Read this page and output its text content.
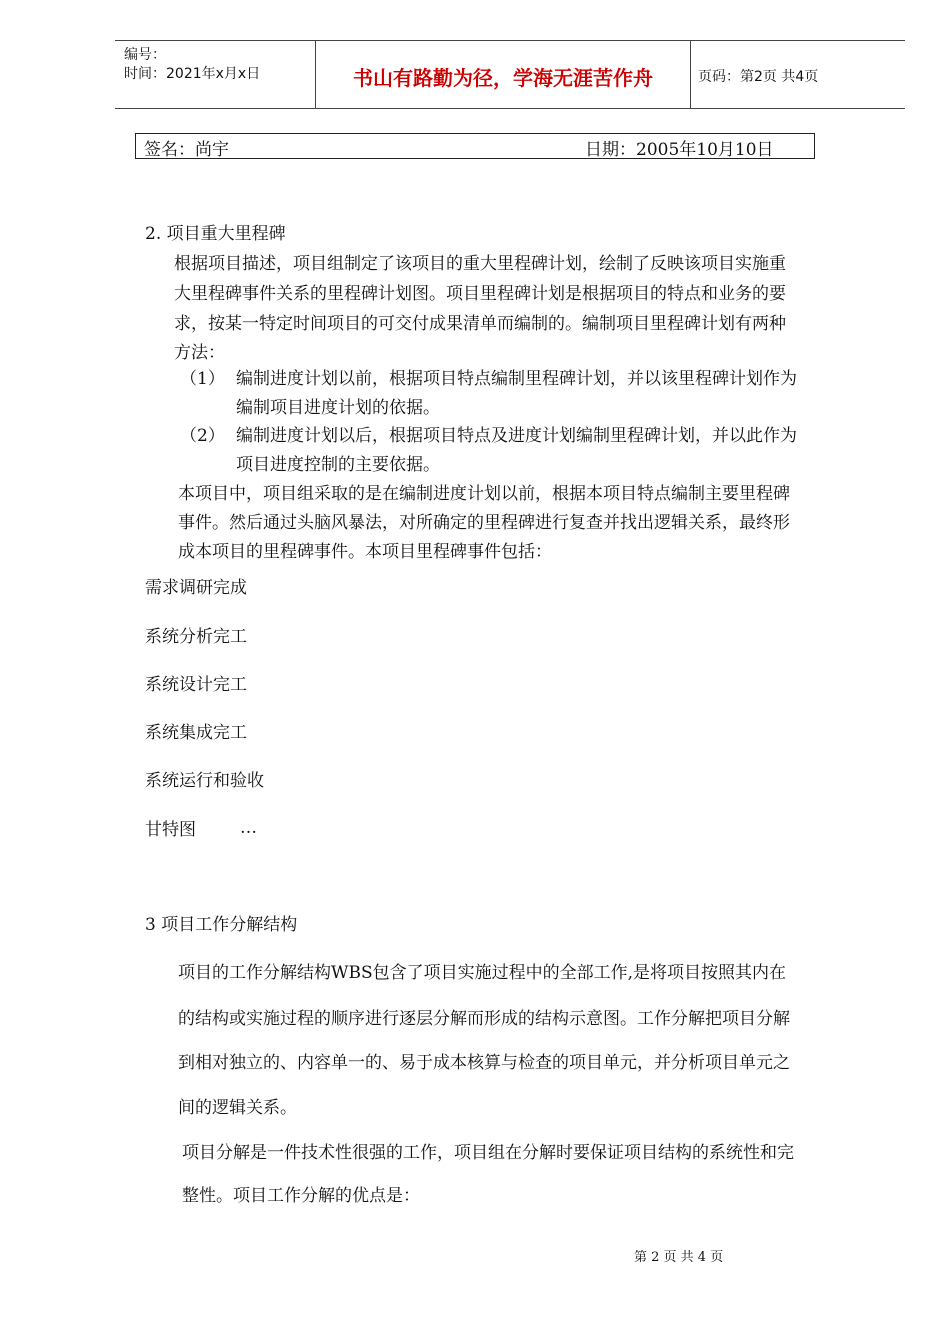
编号：
时间：2021年x月x日	书山有路勤为径，学海无涯苦作舟	页码：第2页 共4页
签名：尚宇	日期：2005年10月10日
2. 项目重大里程碑
根据项目描述，项目组制定了该项目的重大里程碑计划，绘制了反映该项目实施重
大里程碑事件关系的里程碑计划图。项目里程碑计划是根据项目的特点和业务的要
求，按某一特定时间项目的可交付成果清单而编制的。编制项目里程碑计划有两种
方法：
（1） 编制进度计划以前，根据项目特点编制里程碑计划，并以该里程碑计划作为
编制项目进度计划的依据。
（2） 编制进度计划以后，根据项目特点及进度计划编制里程碑计划，并以此作为
项目进度控制的主要依据。
本项目中，项目组采取的是在编制进度计划以前，根据本项目特点编制主要里程碑
事件。然后通过头脑风暴法，对所确定的里程碑进行复查并找出逻辑关系，最终形
成本项目的里程碑事件。本项目里程碑事件包括：
需求调研完成
系统分析完工
系统设计完工
系统集成完工
系统运行和验收
甘特图	…
3 项目工作分解结构
项目的工作分解结构WBS包含了项目实施过程中的全部工作,是将项目按照其内在
的结构或实施过程的顺序进行逐层分解而形成的结构示意图。工作分解把项目分解
到相对独立的、内容单一的、易于成本核算与检查的项目单元，并分析项目单元之
间的逻辑关系。
项目分解是一件技术性很强的工作，项目组在分解时要保证项目结构的系统性和完
整性。项目工作分解的优点是：
第 2 页 共 4 页
